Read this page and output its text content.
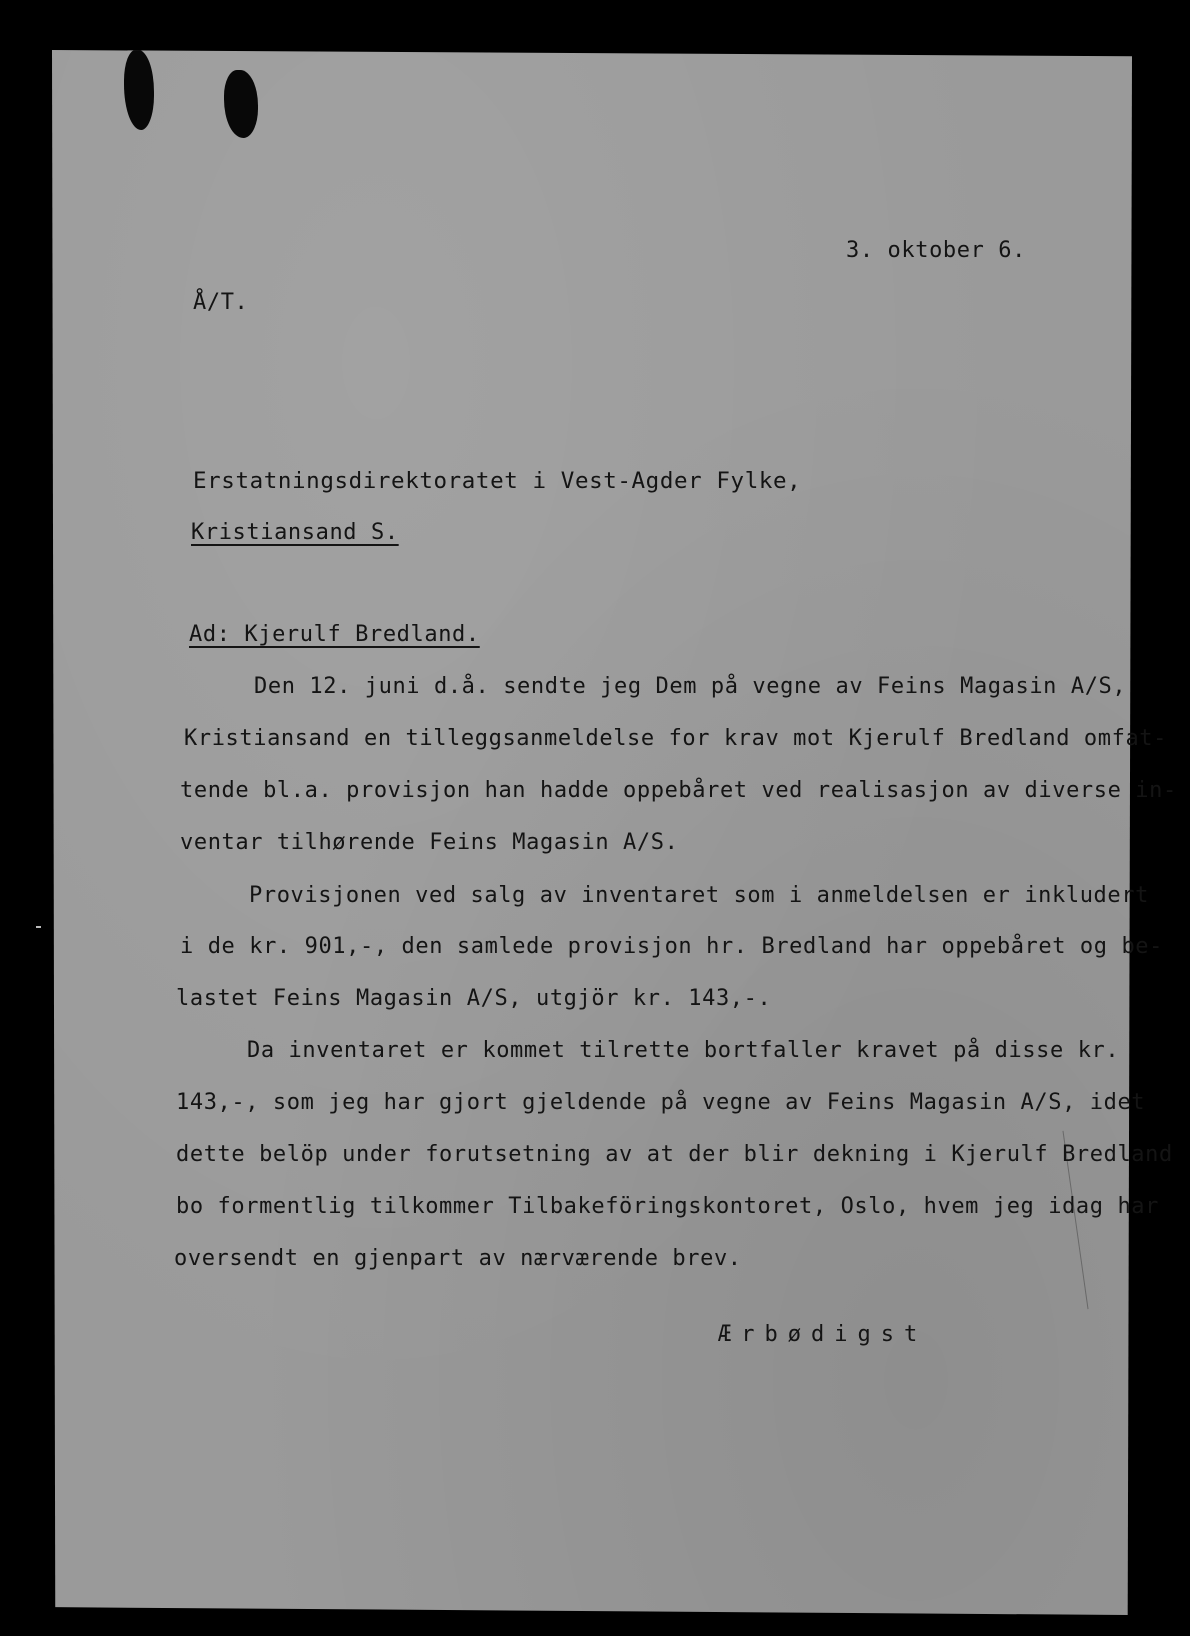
3. oktober 6.
Å/T.
Erstatningsdirektoratet i Vest-Agder Fylke,
Kristiansand S.
Ad: Kjerulf Bredland.
Den 12. juni d.å. sendte jeg Dem på vegne av Feins Magasin A/S,
Kristiansand en tilleggsanmeldelse for krav mot Kjerulf Bredland omfat-
tende bl.a. provisjon han hadde oppebåret ved realisasjon av diverse in-
ventar tilhørende Feins Magasin A/S.
Provisjonen ved salg av inventaret som i anmeldelsen er inkludert
i de kr. 901,-, den samlede provisjon hr. Bredland har oppebåret og be-
lastet Feins Magasin A/S, utgjör kr. 143,-.
Da inventaret er kommet tilrette bortfaller kravet på disse kr.
143,-, som jeg har gjort gjeldende på vegne av Feins Magasin A/S, idet
dette belöp under forutsetning av at der blir dekning i Kjerulf Bredland
bo formentlig tilkommer Tilbakeföringskontoret, Oslo, hvem jeg idag har
oversendt en gjenpart av nærværende brev.
Ærbødigst
